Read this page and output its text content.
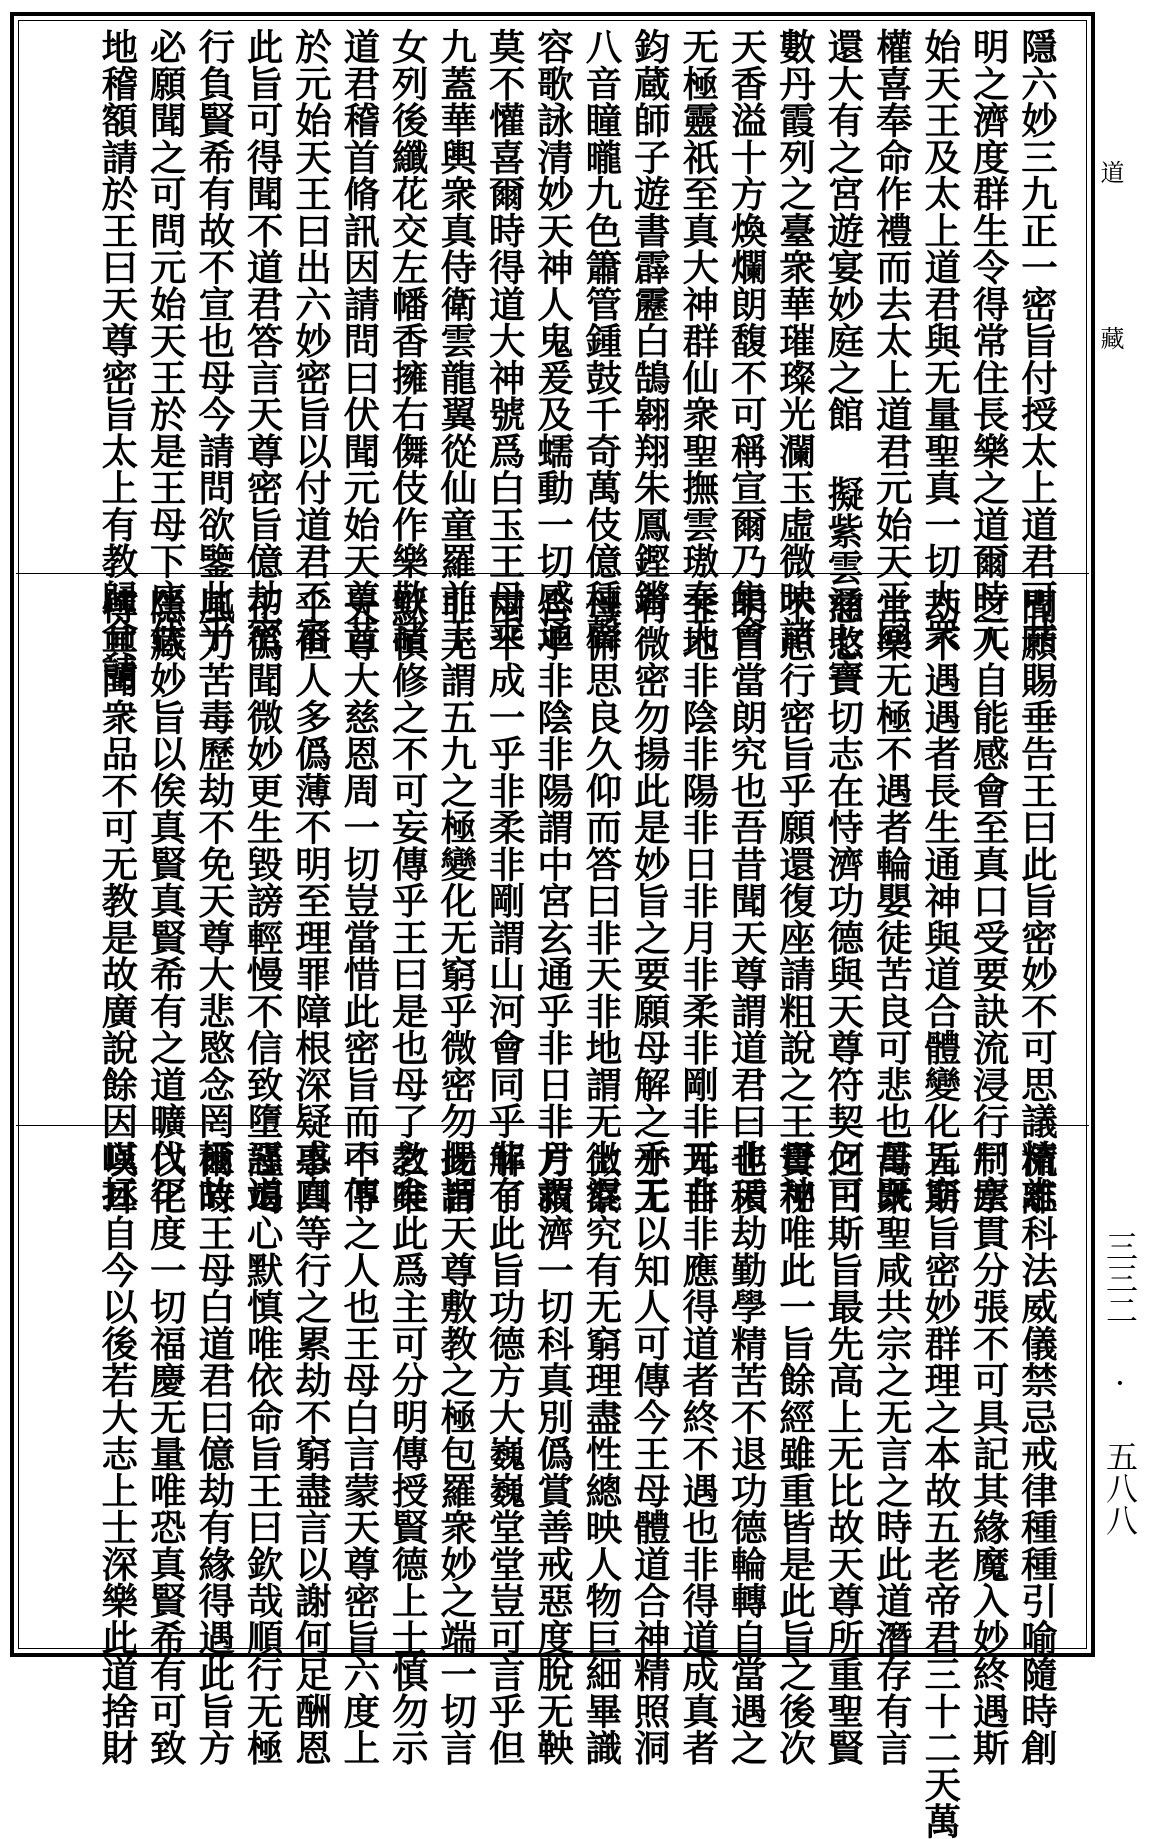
隱六妙三九正一密旨付授太上道君可共
明之濟度群生令得常住長樂之道爾時元
始天王及太上道君與无量聖真一切大衆
權喜奉命作禮而去太上道君元始天王同
還大有之宮遊宴妙庭之館 擬紫雲涌七寶
數丹霞列之臺衆華璀璨光瀾玉虛微映諸
天香溢十方煥爛朗馥不可稱宣爾乃集會
无極靈祇至真大神群仙衆聖撫雲璈奏天
鈞蔵師子遊書霹靂白鵠翱翔朱鳳鏗鏘
八音瞳曨九色簫管鍾鼓千奇萬伎億種聲
容歌詠清妙天神人鬼爰及蠕動一切感通
莫不懽喜爾時得道大神號爲白玉王母乘
九蓋華輿衆真侍衛雲龍翼從仙童羅前玉
女列後纖花交左幡香擁右儛伎作樂敬諸
道君稽首脩訊因請問曰伏聞元始天尊昔
於元始天王曰出六妙密旨以付道君不審
此旨可得聞不道君答言天尊密旨億劫密
行負賢希有故不宣也母今請問欲鑒此乎
必願聞之可問元始天王於是王母下座伏
地稽額請於王曰天尊密旨太上有教歸命請
聞願賜垂告王曰此旨密妙不可思議精志
之人自能感會至真口受要訣流浸行尸塵
劫不遇遇者長生通神與道合體變化无窮
常樂无極不遇者輪嬰徒苦良可悲也母既
慈愍一切志在恃濟功德與天尊符契何可
不思行密旨乎願還復座請粗說之王母神
明自當朗究也吾昔聞天尊謂道君曰非天
非地非陰非陽非日非月非柔非剛非无非
有微密勿揚此是妙旨之要願母解之乎王
母俯思良久仰而答曰非天非地謂无上混
合乎非陰非陽謂中宮玄通乎非日非月謂
兩半成一乎非柔非剛謂山河會同乎非有
非无謂五九之極變化无窮乎微密勿揚謂
默慎修之不可妄傳乎王曰是也母了之矣
天尊大慈恩周一切豈當惜此密旨而不傳
乎但人多僞薄不明至理罪障根深疑惑真
正僞聞微妙更生毀謗輕慢不信致墮惡道
風刀苦毒歷劫不免天尊大悲愍念罔極故
隱藏妙旨以俟真賢真賢希有之道曠代罕
傳其聞衆品不可无教是故廣說餘因以拯
流離科法威儀禁忌戒律種種引喻隨時創
制宗貫分張不可具記其緣魔入妙終遇斯
旨斯旨密妙群理之本故五老帝君三十二天萬
萬衆聖咸共宗之无言之時此道潛存有言
之曰斯旨最先高上无比故天尊所重聖賢
寶秘唯此一旨餘經雖重皆是此旨之後次
也積劫勤學精苦不退功德輪轉自當遇之
耳自非應得道者終不遇也非得道成真者
亦无以知人可傳今王母體道合神精照洞
微察究有无窮理盡性總映人物巨細畢識
方救濟一切科真別僞賞善戒惡度脫无鞅
解了此旨功德方大巍巍堂堂豈可言乎但
此旨天尊敷教之極包羅衆妙之端一切言
教唯此爲主可分明傳授賢德上士慎勿示
中下之人也王母白言蒙天尊密旨六度上
事四等行之累劫不窮盡言以謝何足酬恩
謹竭心默慎唯依命旨王曰欽哉順行无極
爾時王母白道君曰億劫有緣得遇此旨方
以化度一切福慶无量唯恐真賢希有可致
嘆耳自今以後若大志上士深樂此道捨財
道
藏
三三二 · 五八八
